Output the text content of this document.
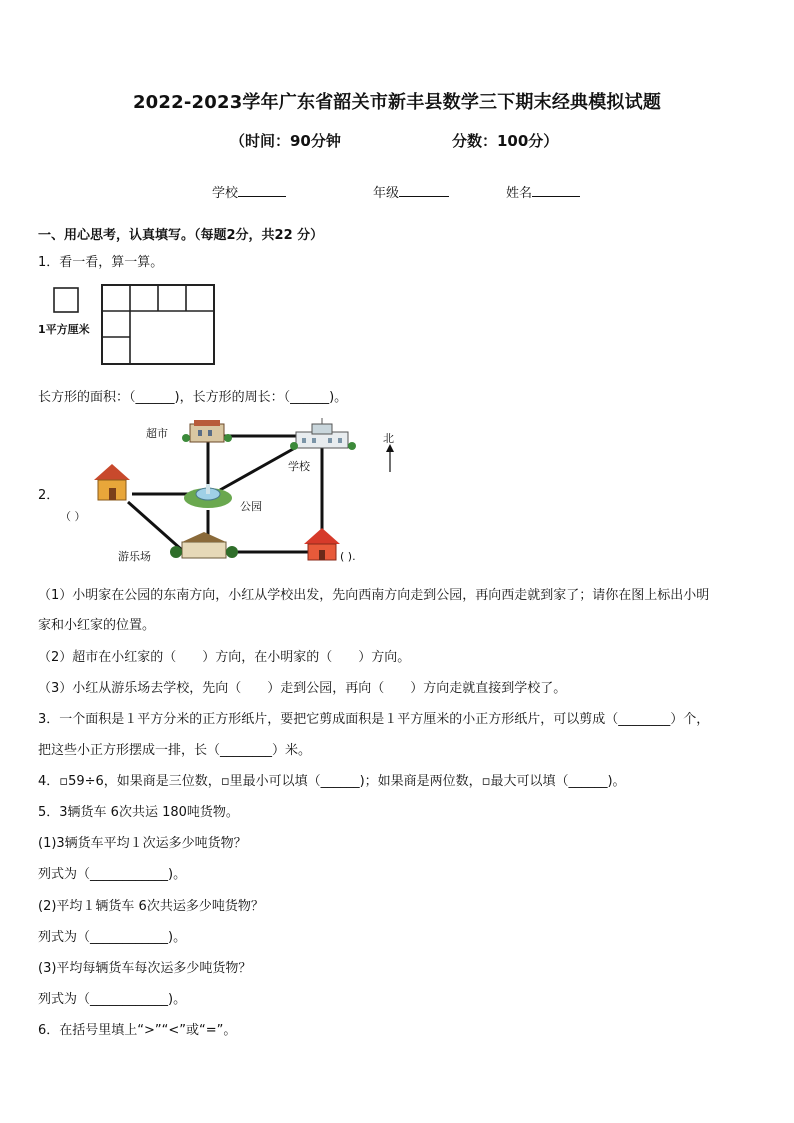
2022-2023学年广东省韶关市新丰县数学三下期末经典模拟试题
（时间：90分钟	分数：100分）
学校	年级	姓名
一、用心思考，认真填写。（每题2分，共22 分）
1．看一看，算一算。
1平方厘米
长方形的面积：（______)，长方形的周长：（______)。
超市
学校
公园
游乐场
北
（ ）
( ).
2．
（1）小明家在公园的东南方向，小红从学校出发，先向西南方向走到公园，再向西走就到家了；请你在图上标出小明
家和小红家的位置。
（2）超市在小红家的（　　）方向，在小明家的（　　）方向。
（3）小红从游乐场去学校，先向（　　）走到公园，再向（　　）方向走就直接到学校了。
3．一个面积是１平方分米的正方形纸片，要把它剪成面积是１平方厘米的小正方形纸片，可以剪成（________）个，
把这些小正方形摆成一排，长（________）米。
4．▫59÷6，如果商是三位数，▫里最小可以填（______)；如果商是两位数，▫最大可以填（______)。
5．3辆货车 6次共运 180吨货物。
(1)3辆货车平均１次运多少吨货物？
列式为（____________)。
(2)平均１辆货车 6次共运多少吨货物？
列式为（____________)。
(3)平均每辆货车每次运多少吨货物？
列式为（____________)。
6．在括号里填上“>”“<”或“=”。
